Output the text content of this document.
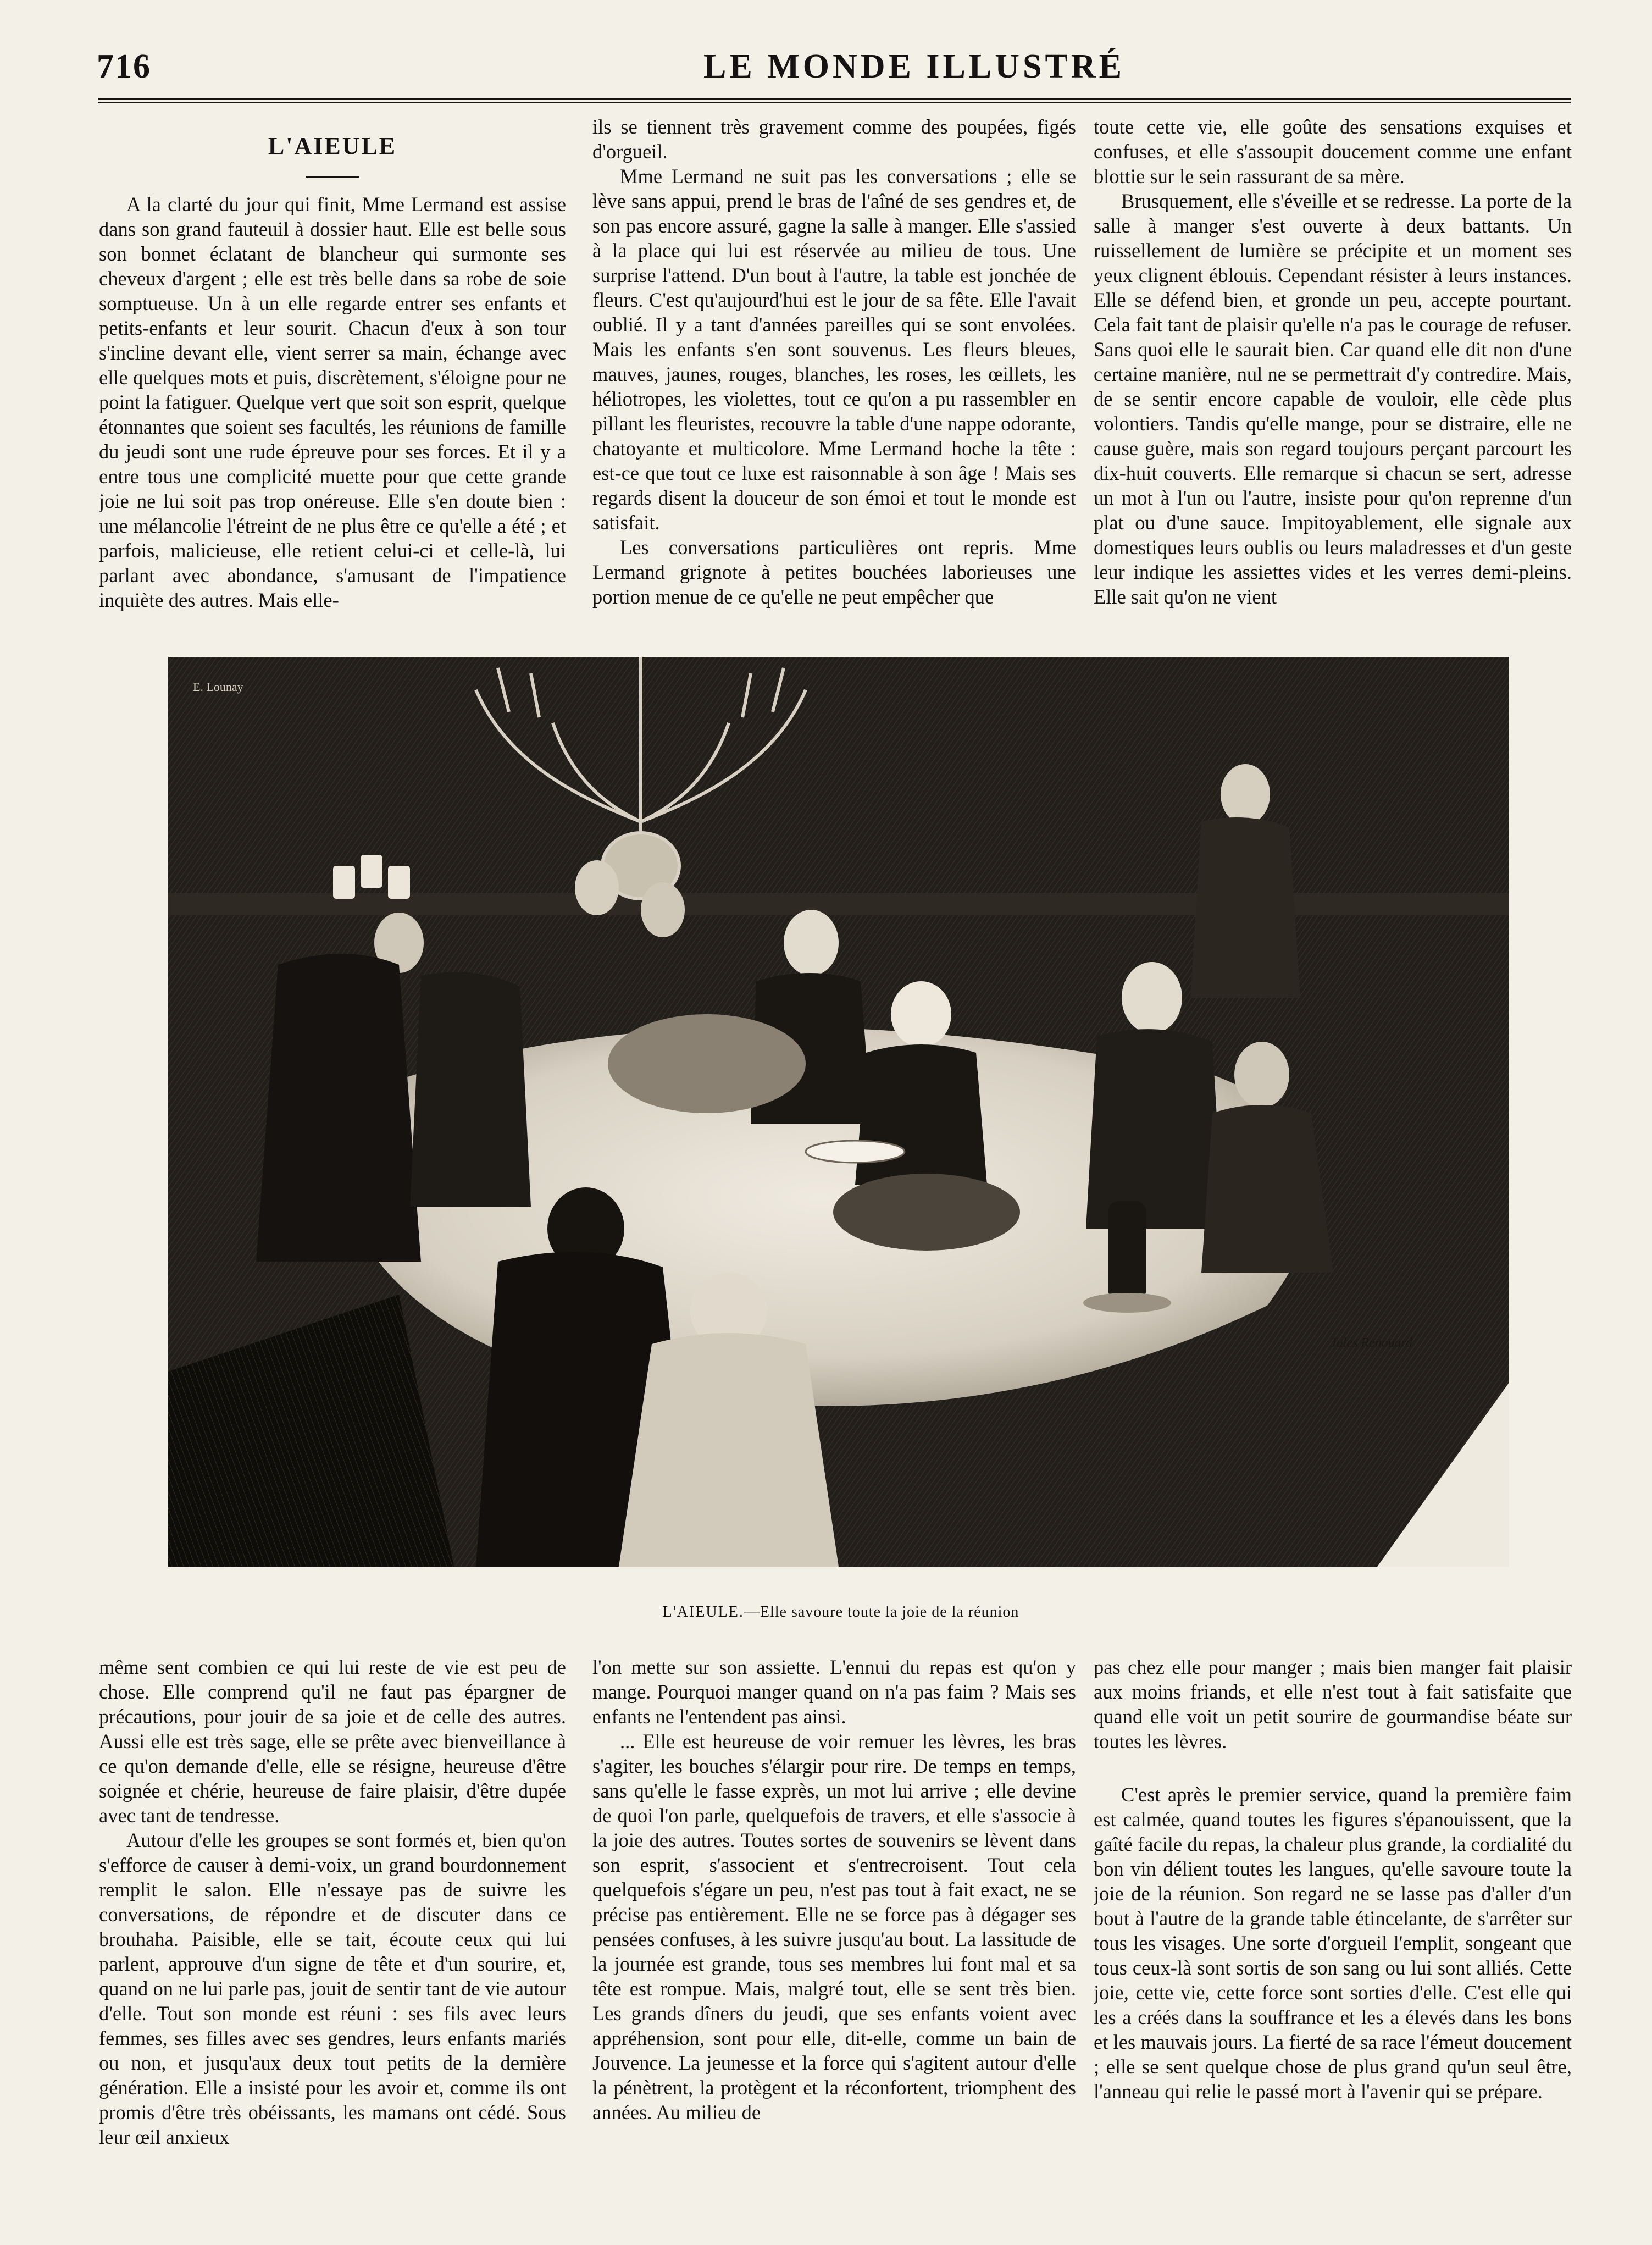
716	LE MONDE ILLUSTRÉ
L'AIEULE

A la clarté du jour qui finit, Mme Lermand est assise dans son grand fauteuil à dossier haut. Elle est belle sous son bonnet éclatant de blancheur qui surmonte ses cheveux d'argent ; elle est très belle dans sa robe de soie somptueuse. Un à un elle regarde entrer ses enfants et petits-enfants et leur sourit. Chacun d'eux à son tour s'incline devant elle, vient serrer sa main, échange avec elle quelques mots et puis, discrètement, s'éloigne pour ne point la fatiguer. Quelque vert que soit son esprit, quelque étonnantes que soient ses facultés, les réunions de famille du jeudi sont une rude épreuve pour ses forces. Et il y a entre tous une complicité muette pour que cette grande joie ne lui soit pas trop onéreuse. Elle s'en doute bien : une mélancolie l'étreint de ne plus être ce qu'elle a été ; et parfois, malicieuse, elle retient celui-ci et celle-là, lui parlant avec abondance, s'amusant de l'impatience inquiète des autres. Mais elle-

ils se tiennent très gravement comme des poupées, figés d'orgueil.

Mme Lermand ne suit pas les conversations ; elle se lève sans appui, prend le bras de l'aîné de ses gendres et, de son pas encore assuré, gagne la salle à manger. Elle s'assied à la place qui lui est réservée au milieu de tous. Une surprise l'attend. D'un bout à l'autre, la table est jonchée de fleurs. C'est qu'aujourd'hui est le jour de sa fête. Elle l'avait oublié. Il y a tant d'années pareilles qui se sont envolées. Mais les enfants s'en sont souvenus. Les fleurs bleues, mauves, jaunes, rouges, blanches, les roses, les œillets, les héliotropes, les violettes, tout ce qu'on a pu rassembler en pillant les fleuristes, recouvre la table d'une nappe odorante, chatoyante et multicolore. Mme Lermand hoche la tête : est-ce que tout ce luxe est raisonnable à son âge ! Mais ses regards disent la douceur de son émoi et tout le monde est satisfait.

Les conversations particulières ont repris. Mme Lermand grignote à petites bouchées laborieuses une portion menue de ce qu'elle ne peut empêcher que

toute cette vie, elle goûte des sensations exquises et confuses, et elle s'assoupit doucement comme une enfant blottie sur le sein rassurant de sa mère.

Brusquement, elle s'éveille et se redresse. La porte de la salle à manger s'est ouverte à deux battants. Un ruissellement de lumière se précipite et un moment ses yeux clignent éblouis. Cependant résister à leurs instances. Elle se défend bien, et gronde un peu, accepte pourtant. Cela fait tant de plaisir qu'elle n'a pas le courage de refuser. Sans quoi elle le saurait bien. Car quand elle dit non d'une certaine manière, nul ne se permettrait d'y contredire. Mais, de se sentir encore capable de vouloir, elle cède plus volontiers. Tandis qu'elle mange, pour se distraire, elle ne cause guère, mais son regard toujours perçant parcourt les dix-huit couverts. Elle remarque si chacun se sert, adresse un mot à l'un ou l'autre, insiste pour qu'on reprenne d'un plat ou d'une sauce. Impitoyablement, elle signale aux domestiques leurs oublis ou leurs maladresses et d'un geste leur indique les assiettes vides et les verres demi-pleins. Elle sait qu'on ne vient

E. Lounay
Jules Renouard
L'AIEULE.—Elle savoure toute la joie de la réunion

même sent combien ce qui lui reste de vie est peu de chose. Elle comprend qu'il ne faut pas épargner de précautions, pour jouir de sa joie et de celle des autres. Aussi elle est très sage, elle se prête avec bienveillance à ce qu'on demande d'elle, elle se résigne, heureuse d'être soignée et chérie, heureuse de faire plaisir, d'être dupée avec tant de tendresse.

Autour d'elle les groupes se sont formés et, bien qu'on s'efforce de causer à demi-voix, un grand bourdonnement remplit le salon. Elle n'essaye pas de suivre les conversations, de répondre et de discuter dans ce brouhaha. Paisible, elle se tait, écoute ceux qui lui parlent, approuve d'un signe de tête et d'un sourire, et, quand on ne lui parle pas, jouit de sentir tant de vie autour d'elle. Tout son monde est réuni : ses fils avec leurs femmes, ses filles avec ses gendres, leurs enfants mariés ou non, et jusqu'aux deux tout petits de la dernière génération. Elle a insisté pour les avoir et, comme ils ont promis d'être très obéissants, les mamans ont cédé. Sous leur œil anxieux

l'on mette sur son assiette. L'ennui du repas est qu'on y mange. Pourquoi manger quand on n'a pas faim ? Mais ses enfants ne l'entendent pas ainsi.

... Elle est heureuse de voir remuer les lèvres, les bras s'agiter, les bouches s'élargir pour rire. De temps en temps, sans qu'elle le fasse exprès, un mot lui arrive ; elle devine de quoi l'on parle, quelquefois de travers, et elle s'associe à la joie des autres. Toutes sortes de souvenirs se lèvent dans son esprit, s'associent et s'entrecroisent. Tout cela quelquefois s'égare un peu, n'est pas tout à fait exact, ne se précise pas entièrement. Elle ne se force pas à dégager ses pensées confuses, à les suivre jusqu'au bout. La lassitude de la journée est grande, tous ses membres lui font mal et sa tête est rompue. Mais, malgré tout, elle se sent très bien. Les grands dîners du jeudi, que ses enfants voient avec appréhension, sont pour elle, dit-elle, comme un bain de Jouvence. La jeunesse et la force qui s'agitent autour d'elle la pénètrent, la protègent et la réconfortent, triomphent des années. Au milieu de

pas chez elle pour manger ; mais bien manger fait plaisir aux moins friands, et elle n'est tout à fait satisfaite que quand elle voit un petit sourire de gourmandise béate sur toutes les lèvres.

C'est après le premier service, quand la première faim est calmée, quand toutes les figures s'épanouissent, que la gaîté facile du repas, la chaleur plus grande, la cordialité du bon vin délient toutes les langues, qu'elle savoure toute la joie de la réunion. Son regard ne se lasse pas d'aller d'un bout à l'autre de la grande table étincelante, de s'arrêter sur tous les visages. Une sorte d'orgueil l'emplit, songeant que tous ceux-là sont sortis de son sang ou lui sont alliés. Cette joie, cette vie, cette force sont sorties d'elle. C'est elle qui les a créés dans la souffrance et les a élevés dans les bons et les mauvais jours. La fierté de sa race l'émeut doucement ; elle se sent quelque chose de plus grand qu'un seul être, l'anneau qui relie le passé mort à l'avenir qui se prépare.
